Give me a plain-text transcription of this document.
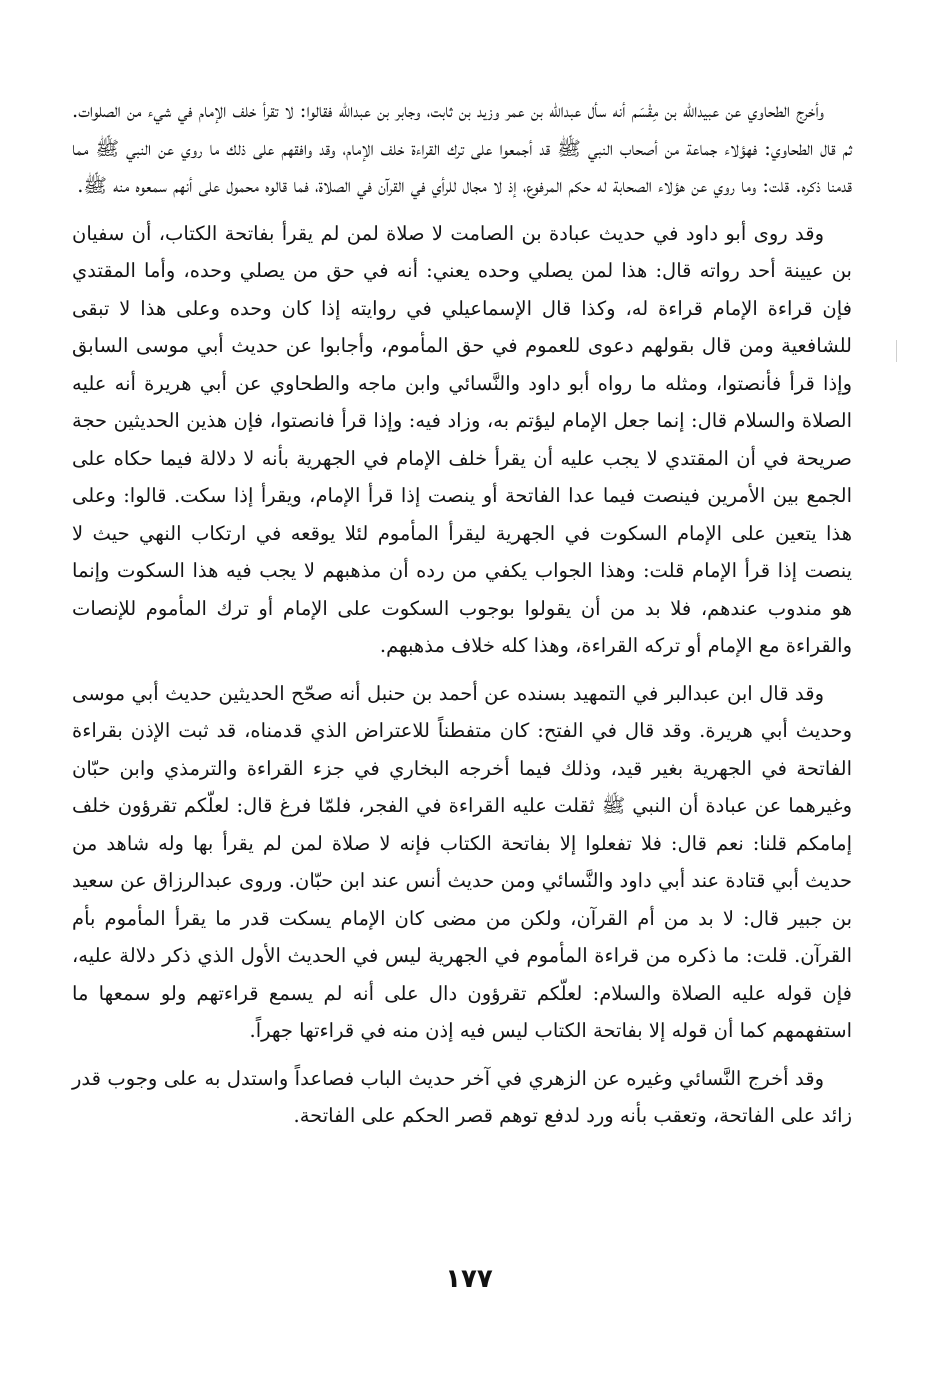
وأخرج الطحاوي عن عبيدالله بن مِقْسَم أنه سأل عبدالله بن عمر وزيد بن ثابت، وجابر بن عبدالله فقالوا: لا تقرأ خلف الإمام في شيء من الصلوات. ثم قال الطحاوي: فهؤلاء جماعة من أصحاب النبي ﷺ قد أجمعوا على ترك القراءة خلف الإمام، وقد وافقهم على ذلك ما روي عن النبي ﷺ مما قدمنا ذكره. قلت: وما روي عن هؤلاء الصحابة له حكم المرفوع، إذ لا مجال للرأي في القرآن في الصلاة، فما قالوه محمول على أنهم سمعوه منه ﷺ.

وقد روى أبو داود في حديث عبادة بن الصامت لا صلاة لمن لم يقرأ بفاتحة الكتاب، أن سفيان بن عيينة أحد رواته قال: هذا لمن يصلي وحده يعني: أنه في حق من يصلي وحده، وأما المقتدي فإن قراءة الإمام قراءة له، وكذا قال الإسماعيلي في روايته إذا كان وحده وعلى هذا لا تبقى للشافعية ومن قال بقولهم دعوى للعموم في حق المأموم، وأجابوا عن حديث أبي موسى السابق وإذا قرأ فأنصتوا، ومثله ما رواه أبو داود والنَّسائي وابن ماجه والطحاوي عن أبي هريرة أنه عليه الصلاة والسلام قال: إنما جعل الإمام ليؤتم به، وزاد فيه: وإذا قرأ فانصتوا، فإن هذين الحديثين حجة صريحة في أن المقتدي لا يجب عليه أن يقرأ خلف الإمام في الجهرية بأنه لا دلالة فيما حكاه على الجمع بين الأمرين فينصت فيما عدا الفاتحة أو ينصت إذا قرأ الإمام، ويقرأ إذا سكت. قالوا: وعلى هذا يتعين على الإمام السكوت في الجهرية ليقرأ المأموم لئلا يوقعه في ارتكاب النهي حيث لا ينصت إذا قرأ الإمام قلت: وهذا الجواب يكفي من رده أن مذهبهم لا يجب فيه هذا السكوت وإنما هو مندوب عندهم، فلا بد من أن يقولوا بوجوب السكوت على الإمام أو ترك المأموم للإنصات والقراءة مع الإمام أو تركه القراءة، وهذا كله خلاف مذهبهم.

وقد قال ابن عبدالبر في التمهيد بسنده عن أحمد بن حنبل أنه صحّح الحديثين حديث أبي موسى وحديث أبي هريرة. وقد قال في الفتح: كان متفطناً للاعتراض الذي قدمناه، قد ثبت الإذن بقراءة الفاتحة في الجهرية بغير قيد، وذلك فيما أخرجه البخاري في جزء القراءة والترمذي وابن حبّان وغيرهما عن عبادة أن النبي ﷺ ثقلت عليه القراءة في الفجر، فلمّا فرغ قال: لعلّكم تقرؤون خلف إمامكم قلنا: نعم قال: فلا تفعلوا إلا بفاتحة الكتاب فإنه لا صلاة لمن لم يقرأ بها وله شاهد من حديث أبي قتادة عند أبي داود والنَّسائي ومن حديث أنس عند ابن حبّان. وروى عبدالرزاق عن سعيد بن جبير قال: لا بد من أم القرآن، ولكن من مضى كان الإمام يسكت قدر ما يقرأ المأموم بأم القرآن. قلت: ما ذكره من قراءة المأموم في الجهرية ليس في الحديث الأول الذي ذكر دلالة عليه، فإن قوله عليه الصلاة والسلام: لعلّكم تقرؤون دال على أنه لم يسمع قراءتهم ولو سمعها ما استفهمهم كما أن قوله إلا بفاتحة الكتاب ليس فيه إذن منه في قراءتها جهراً.

وقد أخرج النَّسائي وغيره عن الزهري في آخر حديث الباب فصاعداً واستدل به على وجوب قدر زائد على الفاتحة، وتعقب بأنه ورد لدفع توهم قصر الحكم على الفاتحة.

١٧٧
